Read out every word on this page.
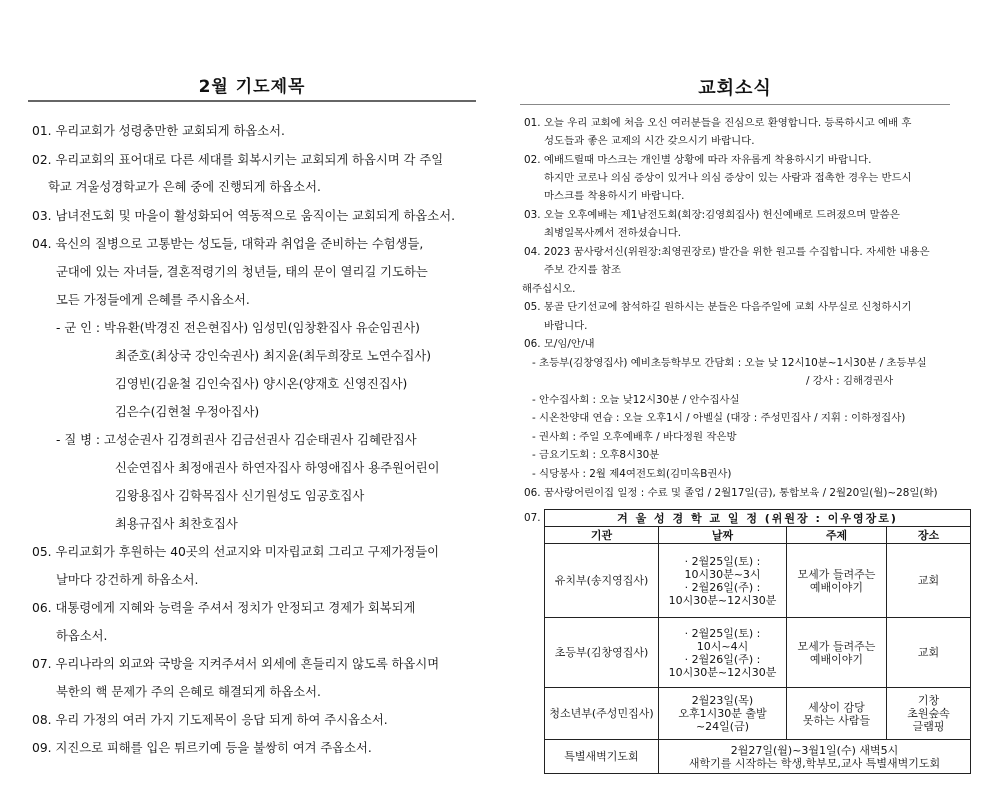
2월 기도제목
01. 우리교회가 성령충만한 교회되게 하옵소서.
02. 우리교회의 표어대로 다른 세대를 회복시키는 교회되게 하옵시며 각 주일
학교 겨울성경학교가 은혜 중에 진행되게 하옵소서.
03. 남녀전도회 및 마을이 활성화되어 역동적으로 움직이는 교회되게 하옵소서.
04. 육신의 질병으로 고통받는 성도들, 대학과 취업을 준비하는 수험생들,
군대에 있는 자녀들, 결혼적령기의 청년들, 태의 문이 열리길 기도하는
모든 가정들에게 은혜를 주시옵소서.
- 군 인 : 박유환(박경진 전은현집사) 임성민(임창환집사 유순임권사)
최준호(최상국 강인숙권사) 최지윤(최두희장로 노연수집사)
김영빈(김윤철 김인숙집사) 양시온(양재호 신영진집사)
김은수(김현철 우정아집사)
- 질 병 : 고성순권사 김경희권사 김금선권사 김순태권사 김혜란집사
신순연집사 최정애권사 하연자집사 하영애집사 용주원어린이
김왕용집사 김학목집사 신기원성도 임공호집사
최용규집사 최찬호집사
05. 우리교회가 후원하는 40곳의 선교지와 미자립교회 그리고 구제가정들이
날마다 강건하게 하옵소서.
06. 대통령에게 지혜와 능력을 주셔서 정치가 안정되고 경제가 회복되게
하옵소서.
07. 우리나라의 외교와 국방을 지켜주셔서 외세에 흔들리지 않도록 하옵시며
북한의 핵 문제가 주의 은혜로 해결되게 하옵소서.
08. 우리 가정의 여러 가지 기도제목이 응답 되게 하여 주시옵소서.
09. 지진으로 피해를 입은 튀르키예 등을 불쌍히 여겨 주옵소서.
교회소식
01. 오늘 우리 교회에 처음 오신 여러분들을 진심으로 환영합니다. 등록하시고 예배 후
성도들과 좋은 교제의 시간 갖으시기 바랍니다.
02. 예배드릴때 마스크는 개인별 상황에 따라 자유롭게 착용하시기 바랍니다.
하지만 코로나 의심 증상이 있거나 의심 증상이 있는 사람과 접촉한 경우는 반드시
마스크를 착용하시기 바랍니다.
03. 오늘 오후예배는 제1남전도회(회장:김영희집사) 헌신예배로 드려졌으며 말씀은
최병일목사께서 전하셨습니다.
04. 2023 꿈사랑서신(위원장:최영권장로) 발간을 위한 원고를 수집합니다. 자세한 내용은
주보 간지를 참조
해주십시오.
05. 몽골 단기선교에 참석하길 원하시는 분들은 다음주일에 교회 사무실로 신청하시기
바랍니다.
06. 모/임/안/내
- 초등부(김창영집사) 예비초등학부모 간담회 : 오늘 낮 12시10분~1시30분 / 초등부실
/ 강사 : 김해경권사
- 안수집사회 : 오늘 낮12시30분 / 안수집사실
- 시온찬양대 연습 : 오늘 오후1시 / 아벨실 (대장 : 주성민집사 / 지휘 : 이하정집사)
- 권사회 : 주일 오후예배후 / 바다정원 작은방
- 금요기도회 : 오후8시30분
- 식당봉사 : 2월 제4여전도회(김미옥B권사)
06. 꿈사랑어린이집 일정 : 수료 및 졸업 / 2월17일(금), 통합보육 / 2월20일(월)~28일(화)
07.	겨 울 성 경 학 교 일 정 (위원장 : 이우영장로)			
기관	날짜	주제	장소
유치부(송지영집사)	· 2월25일(토) :
10시30분~3시
· 2월26일(주) :
10시30분~12시30분	모세가 들려주는
예배이야기	교회
초등부(김창영집사)	· 2월25일(토) :
10시~4시
· 2월26일(주) :
10시30분~12시30분	모세가 들려주는
예배이야기	교회
청소년부(주성민집사)	2월23일(목)
오후1시30분 출발
~24일(금)	세상이 감당
못하는 사람들	기창
초원숲속
글램핑
특별새벽기도회	2월27일(월)~3월1일(수) 새벽5시
새학기를 시작하는 학생,학부모,교사 특별새벽기도회		
